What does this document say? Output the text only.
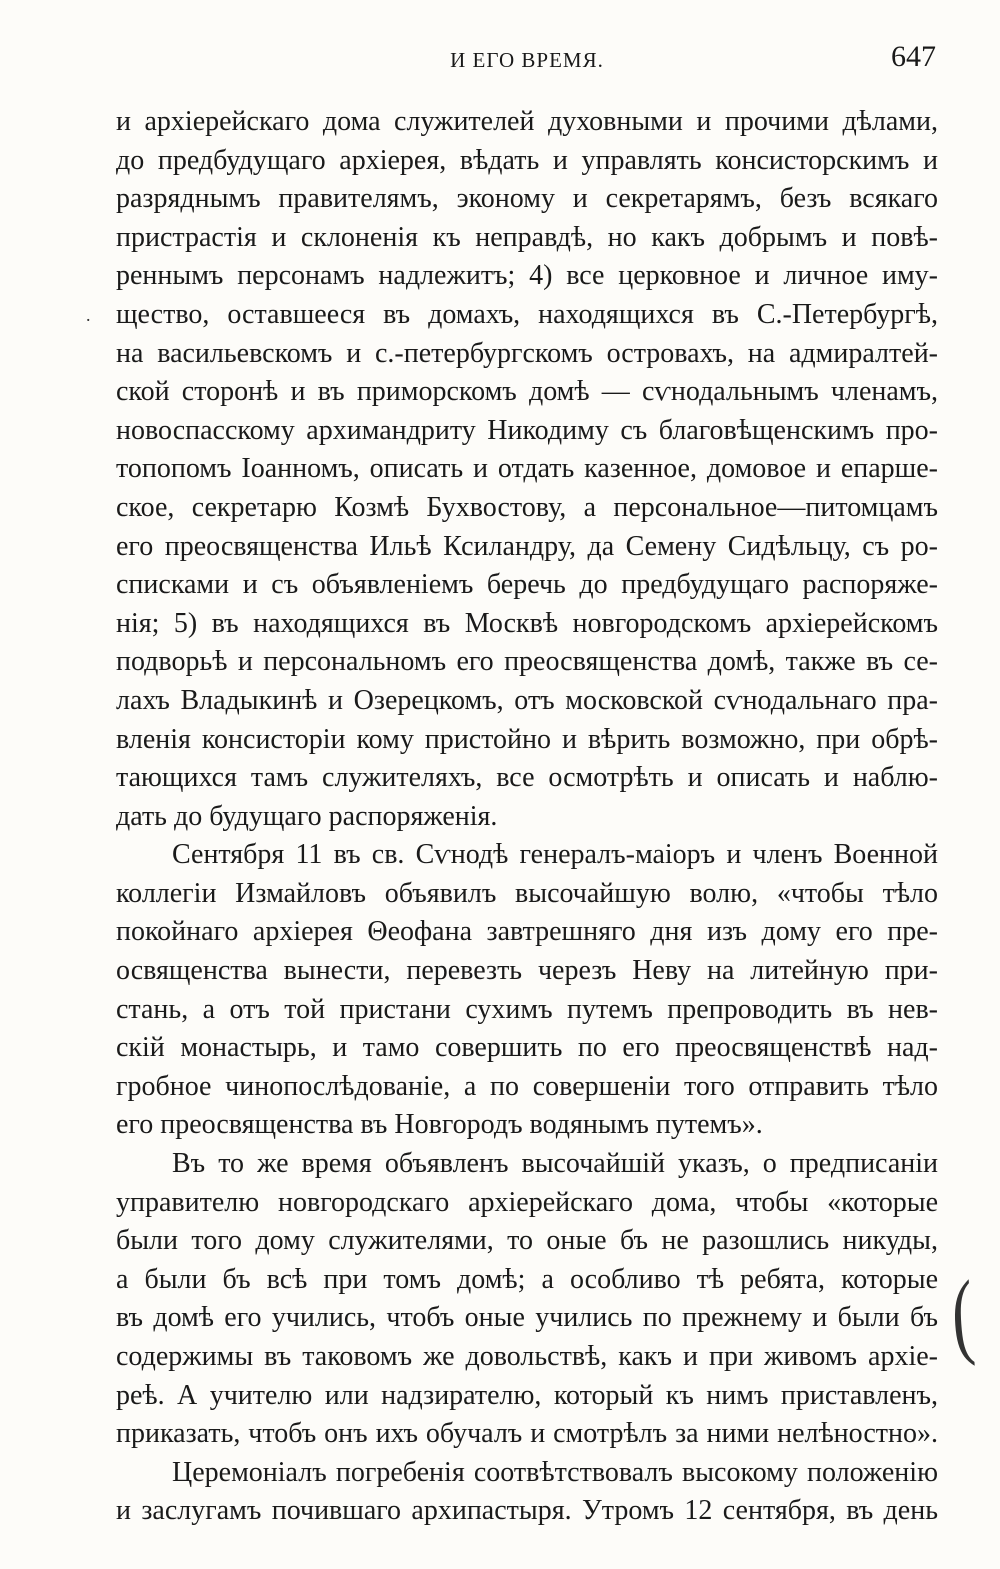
И ЕГО ВРЕМЯ.	647
и архіерейскаго дома служителей духовными и прочими дѣлами,
до предбудущаго архіерея, вѣдать и управлять консисторскимъ и
разряднымъ правителямъ, эконому и секретарямъ, безъ всякаго
пристрастія и склоненія къ неправдѣ, но какъ добрымъ и повѣ-
реннымъ персонамъ надлежитъ; 4) все церковное и личное иму-
щество, оставшееся въ домахъ, находящихся въ С.-Петербургѣ,
на васильевскомъ и с.-петербургскомъ островахъ, на адмиралтей-
ской сторонѣ и въ приморскомъ домѣ — сѵнодальнымъ членамъ,
новоспасскому архимандриту Никодиму съ благовѣщенскимъ про-
топопомъ Іоанномъ, описать и отдать казенное, домовое и епарше-
ское, секретарю Козмѣ Бухвостову, а персональное—питомцамъ
его преосвященства Ильѣ Ксиландру, да Семену Сидѣльцу, съ ро-
списками и съ объявленіемъ беречь до предбудущаго распоряже-
нія; 5) въ находящихся въ Москвѣ новгородскомъ архіерейскомъ
подворьѣ и персональномъ его преосвященства домѣ, также въ се-
лахъ Владыкинѣ и Озерецкомъ, отъ московской сѵнодальнаго пра-
вленія консисторіи кому пристойно и вѣрить возможно, при обрѣ-
тающихся тамъ служителяхъ, все осмотрѣть и описать и наблю-
дать до будущаго распоряженія.
Сентября 11 въ св. Сѵнодѣ генералъ-маіоръ и членъ Военной
коллегіи Измайловъ объявилъ высочайшую волю, «чтобы тѣло
покойнаго архіерея Θеофана завтрешняго дня изъ дому его пре-
освященства вынести, перевезть черезъ Неву на литейную при-
стань, а отъ той пристани сухимъ путемъ препроводить въ нев-
скій монастырь, и тамо совершить по его преосвященствѣ над-
гробное чинопослѣдованіе, а по совершеніи того отправить тѣло
его преосвященства въ Новгородъ водянымъ путемъ».
Въ то же время объявленъ высочайшій указъ, о предписаніи
управителю новгородскаго архіерейскаго дома, чтобы «которые
были того дому служителями, то оные бъ не разошлись никуды,
а были бъ всѣ при томъ домѣ; а особливо тѣ ребята, которые
въ домѣ его учились, чтобъ оные учились по прежнему и были бъ
содержимы въ таковомъ же довольствѣ, какъ и при живомъ архіе-
реѣ. А учителю или надзирателю, который къ нимъ приставленъ,
приказать, чтобъ онъ ихъ обучалъ и смотрѣлъ за ними нелѣностно».
Церемоніалъ погребенія соотвѣтствовалъ высокому положенію
и заслугамъ почившаго архипастыря. Утромъ 12 сентября, въ день
(
.
